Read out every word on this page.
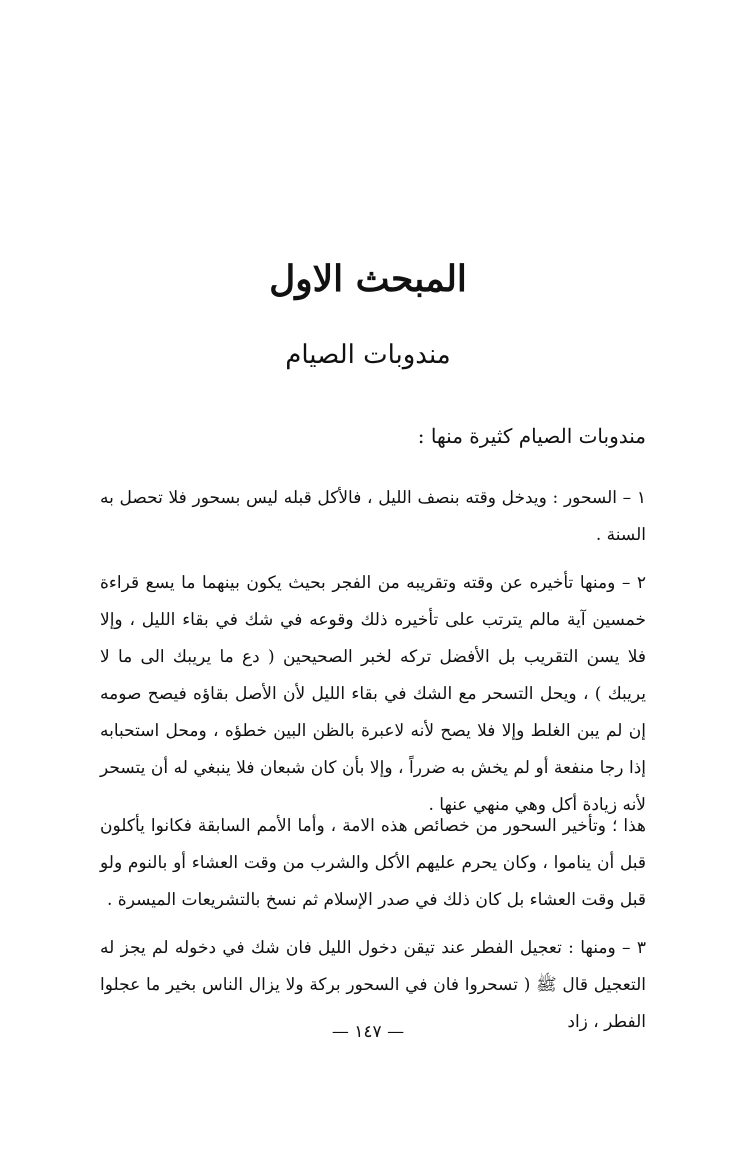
المبحث الاول
مندوبات الصيام

مندوبات الصيام كثيرة منها :

١ – السحور : ويدخل وقته بنصف الليل ، فالأكل قبله ليس بسحور فلا تحصل به السنة .

٢ – ومنها تأخيره عن وقته وتقريبه من الفجر بحيث يكون بينهما ما يسع قراءة خمسين آية مالم يترتب على تأخيره ذلك وقوعه في شك في بقاء الليل ، وإلا فلا يسن التقريب بل الأفضل تركه لخبر الصحيحين ( دع ما يريبك الى ما لا يريبك ) ، ويحل التسحر مع الشك في بقاء الليل لأن الأصل بقاؤه فيصح صومه إن لم يبن الغلط وإلا فلا يصح لأنه لاعبرة بالظن البين خطؤه ، ومحل استحبابه إذا رجا منفعة أو لم يخش به ضرراً ، وإلا بأن كان شبعان فلا ينبغي له أن يتسحر لأنه زيادة أكل وهي منهي عنها .

هذا ؛ وتأخير السحور من خصائص هذه الامة ، وأما الأمم السابقة فكانوا يأكلون قبل أن يناموا ، وكان يحرم عليهم الأكل والشرب من وقت العشاء أو بالنوم ولو قبل وقت العشاء بل كان ذلك في صدر الإسلام ثم نسخ بالتشريعات الميسرة .

٣ – ومنها : تعجيل الفطر عند تيقن دخول الليل فان شك في دخوله لم يجز له التعجيل قال ﷺ ( تسحروا فان في السحور بركة ولا يزال الناس بخير ما عجلوا الفطر ، زاد

— ١٤٧ —
